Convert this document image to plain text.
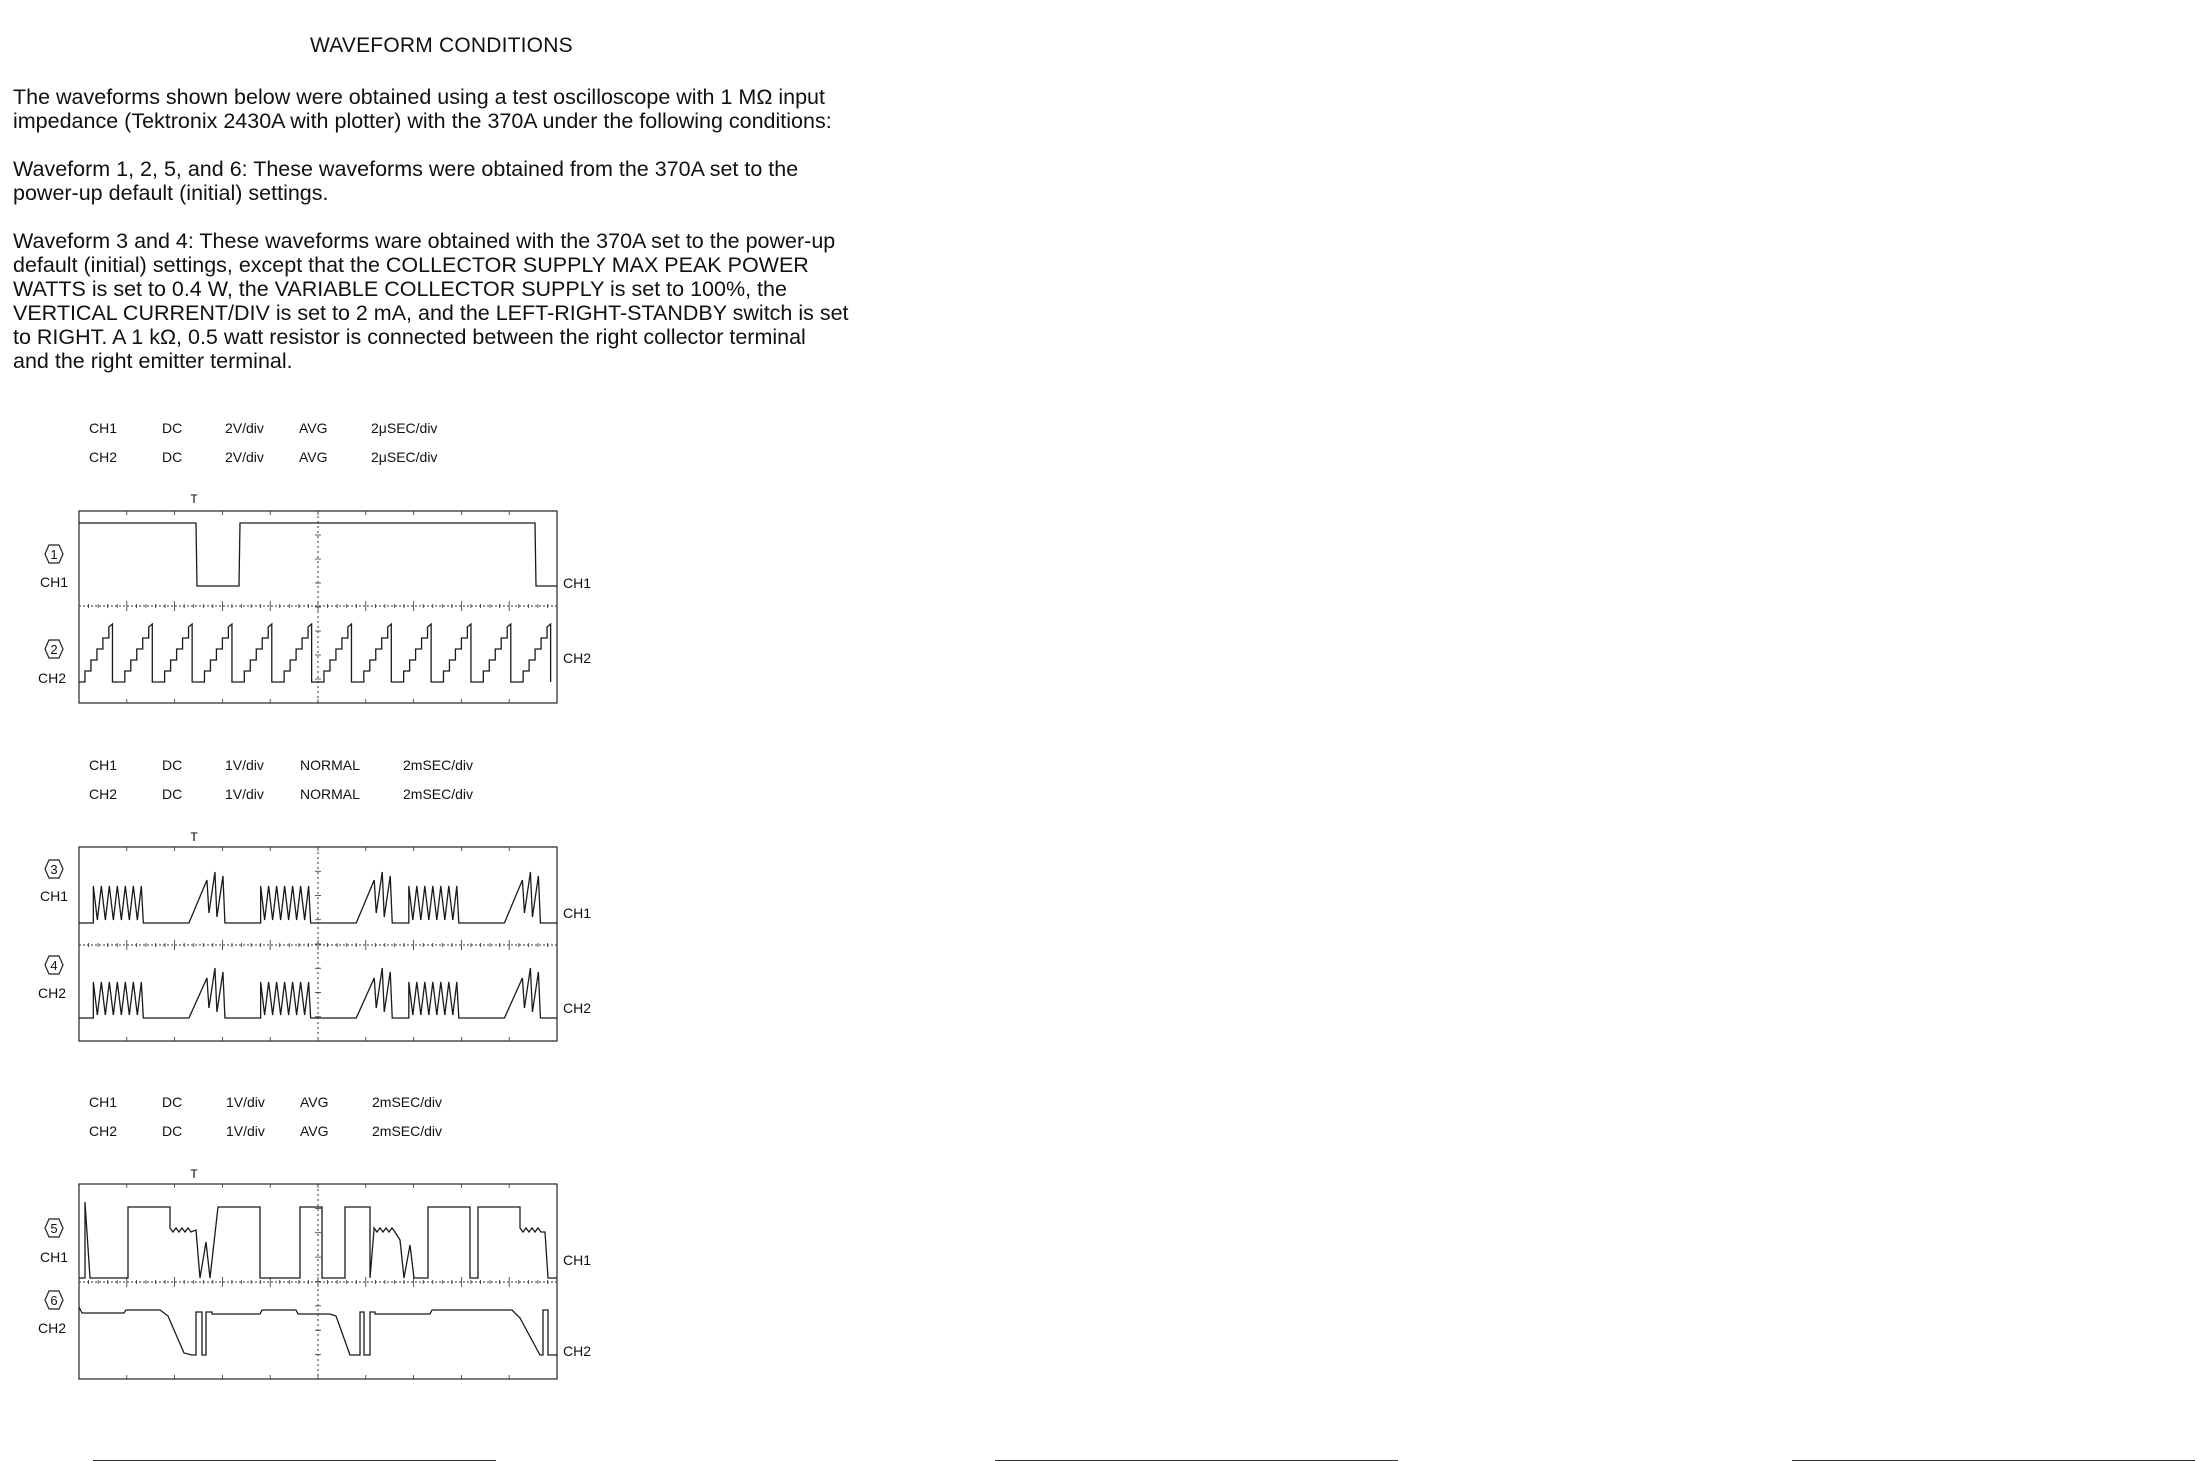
WAVEFORM CONDITIONS
The waveforms shown below were obtained using a test oscilloscope with 1 MΩ input
impedance (Tektronix 2430A with plotter) with the 370A under the following conditions:
Waveform 1, 2, 5, and 6: These waveforms were obtained from the 370A set to the
power-up default (initial) settings.
Waveform 3 and 4: These waveforms ware obtained with the 370A set to the power-up
default (initial) settings, except that the COLLECTOR SUPPLY MAX PEAK POWER
WATTS is set to 0.4 W, the VARIABLE COLLECTOR SUPPLY is set to 100%, the
VERTICAL CURRENT/DIV is set to 2 mA, and the LEFT-RIGHT-STANDBY switch is set
to RIGHT. A 1 kΩ, 0.5 watt resistor is connected between the right collector terminal
and the right emitter terminal.
CH1	DC	2V/div	AVG	2μSEC/div
CH2	DC	2V/div	AVG	2μSEC/div
CH1	DC	1V/div	NORMAL	2mSEC/div
CH2	DC	1V/div	NORMAL	2mSEC/div
CH1	DC	1V/div	AVG	2mSEC/div
CH2	DC	1V/div	AVG	2mSEC/div
T
T
T
1
CH1	CH1
2
CH2
CH2
3
CH1
CH1
4
CH2
CH2
5
CH1	CH1
6
CH2
CH2
